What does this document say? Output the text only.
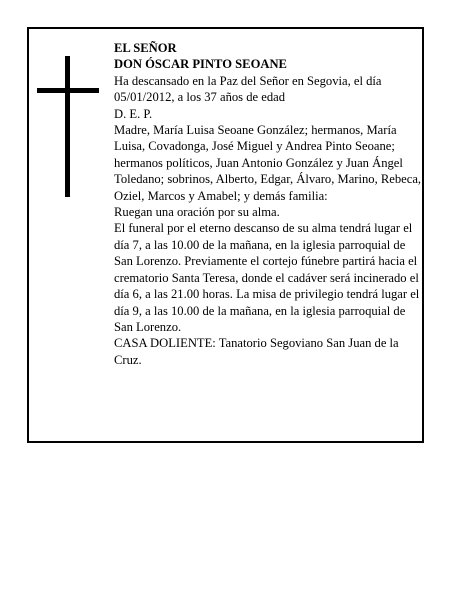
EL SEÑOR

DON ÓSCAR PINTO SEOANE

Ha descansado en la Paz del Señor en Segovia, el día 05/01/2012, a los 37 años de edad

D. E. P.

Madre, María Luisa Seoane González; hermanos, María Luisa, Covadonga, José Miguel y Andrea Pinto Seoane; hermanos políticos, Juan Antonio González y Juan Ángel Toledano; sobrinos, Alberto, Edgar, Álvaro, Marino, Rebeca, Oziel, Marcos y Amabel; y demás familia:

Ruegan una oración por su alma.

El funeral por el eterno descanso de su alma tendrá lugar el día 7, a las 10.00 de la mañana, en la iglesia parroquial de San Lorenzo. Previamente el cortejo fúnebre partirá hacia el crematorio Santa Teresa, donde el cadáver será incinerado el día 6, a las 21.00 horas. La misa de privilegio tendrá lugar el día 9, a las 10.00 de la mañana, en la iglesia parroquial de San Lorenzo.

CASA DOLIENTE: Tanatorio Segoviano San Juan de la Cruz.
